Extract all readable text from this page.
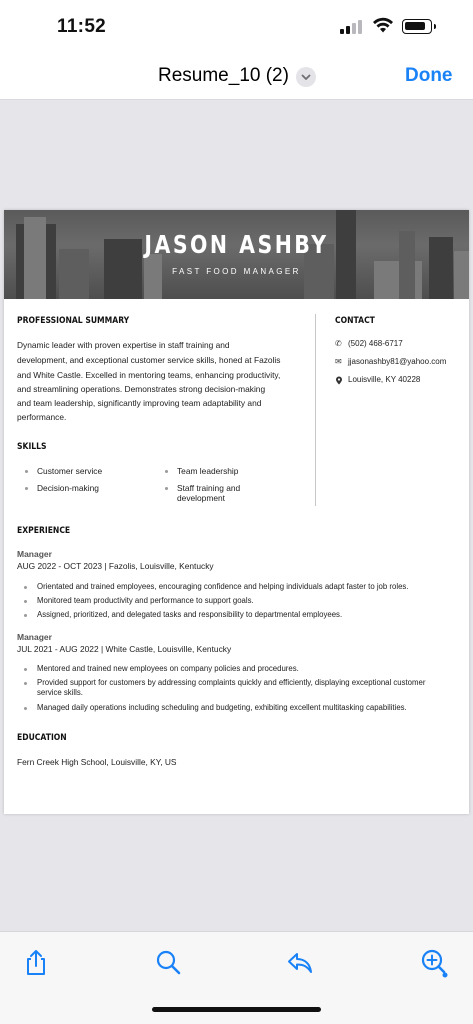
11:52
Resume_10 (2)	Done
JASON ASHBY
FAST FOOD MANAGER
PROFESSIONAL SUMMARY
Dynamic leader with proven expertise in staff training and
development, and exceptional customer service skills, honed at Fazolis
and White Castle. Excelled in mentoring teams, enhancing productivity,
and streamlining operations. Demonstrates strong decision-making
and team leadership, significantly improving team adaptability and
performance.
SKILLS
Customer service
Decision-making
Team leadership
Staff training and
development
CONTACT
✆ (502) 468-6717
✉ jjasonashby81@yahoo.com
Louisville, KY 40228
EXPERIENCE
Manager
AUG 2022 - OCT 2023 | Fazolis, Louisville, Kentucky
Orientated and trained employees, encouraging confidence and helping individuals adapt faster to job roles.
Monitored team productivity and performance to support goals.
Assigned, prioritized, and delegated tasks and responsibility to departmental employees.
Manager
JUL 2021 - AUG 2022 | White Castle, Louisville, Kentucky
Mentored and trained new employees on company policies and procedures.
Provided support for customers by addressing complaints quickly and efficiently, displaying exceptional customer
service skills.
Managed daily operations including scheduling and budgeting, exhibiting excellent multitasking capabilities.
EDUCATION
Fern Creek High School, Louisville, KY, US
